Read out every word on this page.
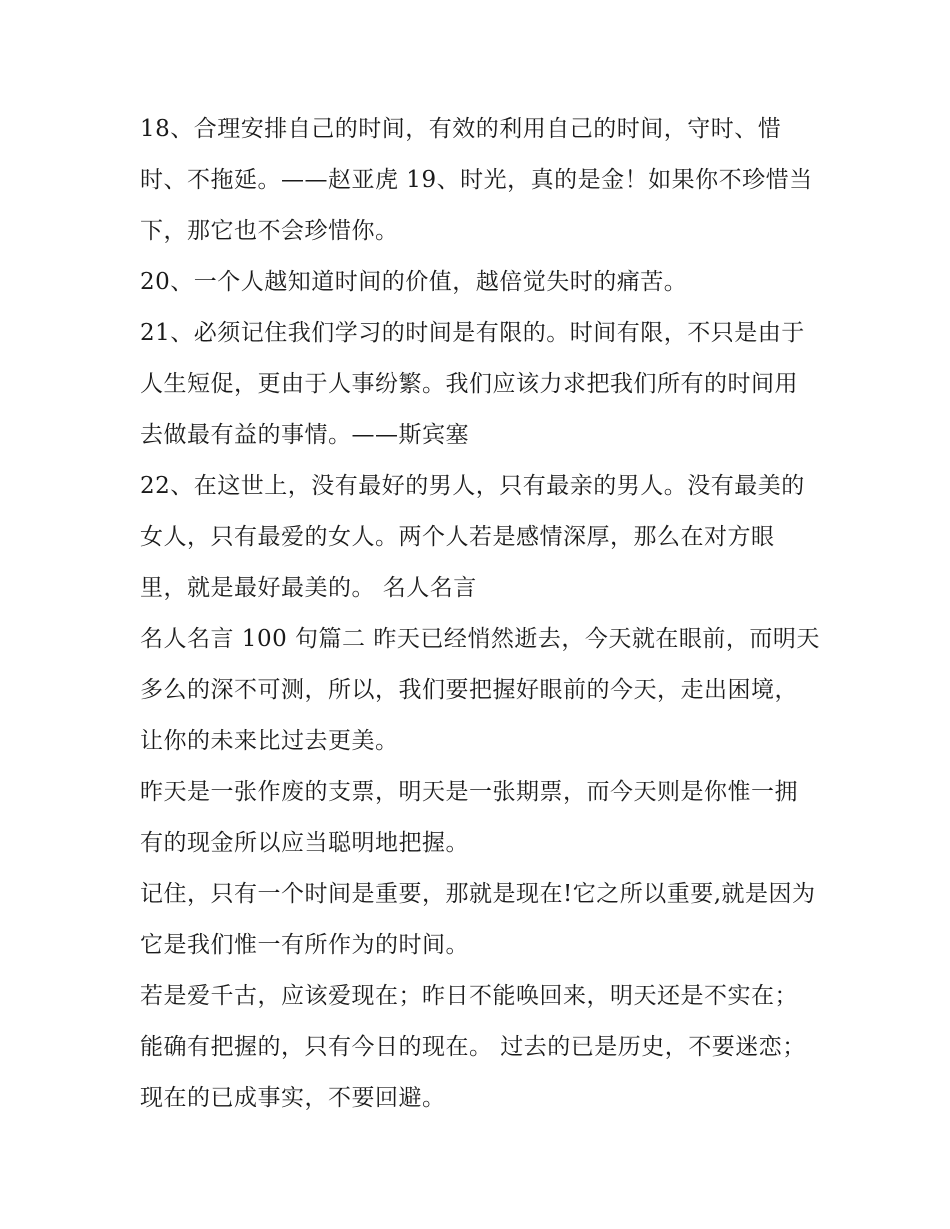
18、合理安排自己的时间，有效的利用自己的时间，守时、惜时、不拖延。——赵亚虎 19、时光，真的是金！如果你不珍惜当下，那它也不会珍惜你。

20、一个人越知道时间的价值，越倍觉失时的痛苦。

21、必须记住我们学习的时间是有限的。时间有限，不只是由于人生短促，更由于人事纷繁。我们应该力求把我们所有的时间用去做最有益的事情。——斯宾塞

22、在这世上，没有最好的男人，只有最亲的男人。没有最美的女人，只有最爱的女人。两个人若是感情深厚，那么在对方眼里，就是最好最美的。 名人名言

名人名言 100 句篇二 昨天已经悄然逝去，今天就在眼前，而明天多么的深不可测，所以，我们要把握好眼前的今天，走出困境，让你的未来比过去更美。

昨天是一张作废的支票，明天是一张期票，而今天则是你惟一拥有的现金所以应当聪明地把握。

记住，只有一个时间是重要，那就是现在!它之所以重要,就是因为它是我们惟一有所作为的时间。

若是爱千古，应该爱现在；昨日不能唤回来，明天还是不实在；能确有把握的，只有今日的现在。 过去的已是历史，不要迷恋；现在的已成事实，不要回避。
